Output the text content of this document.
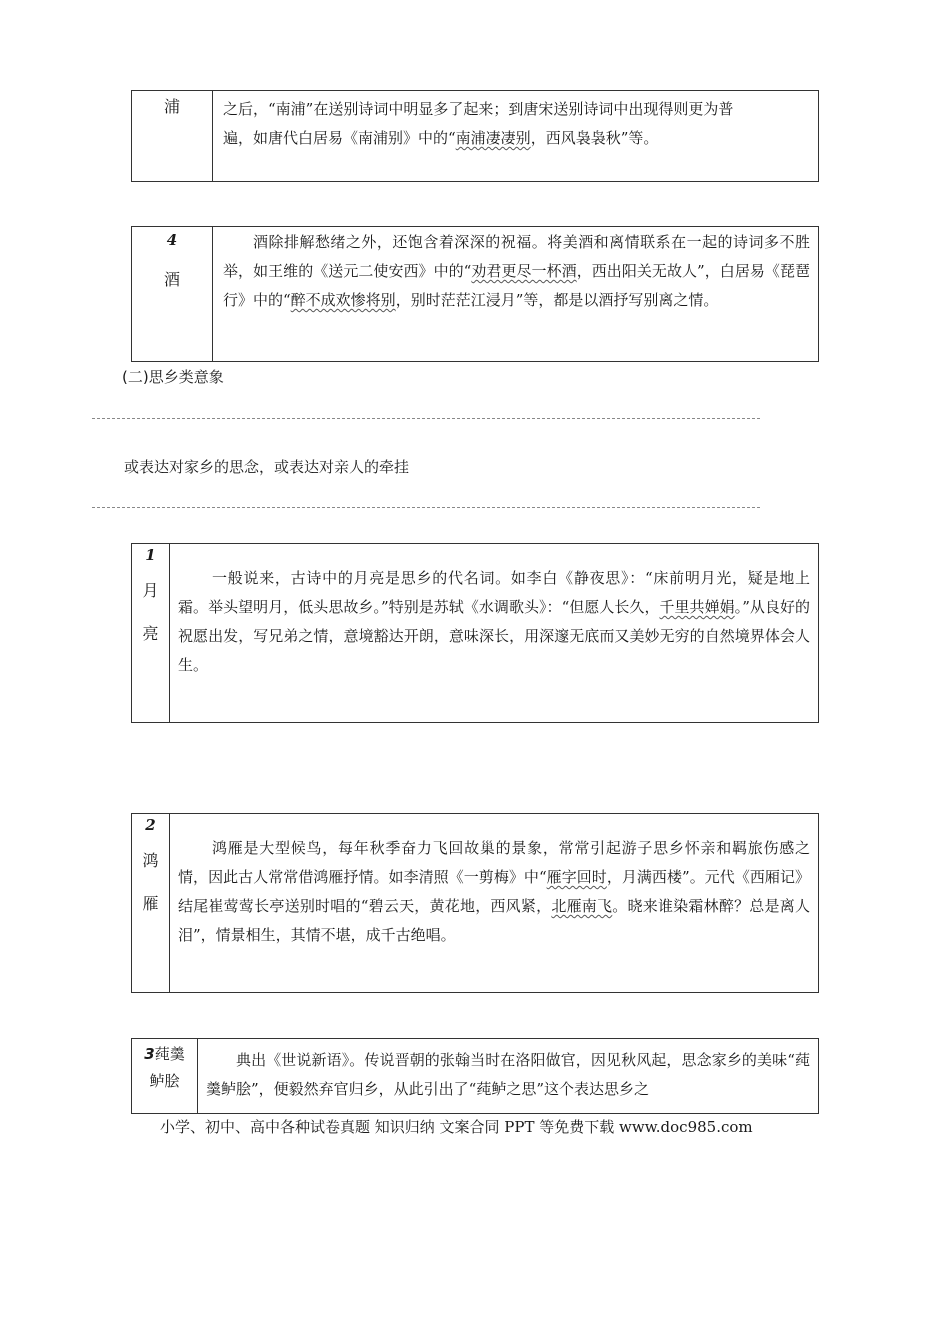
浦	之后，“南浦”在送别诗词中明显多了起来；到唐宋送别诗词中出现得则更为普
遍，如唐代白居易《南浦别》中的“南浦凄凄别，西风袅袅秋”等。
4
酒
酒除排解愁绪之外，还饱含着深深的祝福。将美酒和离情联系在一起的诗词多不胜举，如王维的《送元二使安西》中的“劝君更尽一杯酒，西出阳关无故人”，白居易《琵琶行》中的“醉不成欢惨将别，别时茫茫江浸月”等，都是以酒抒写别离之情。
(二)思乡类意象
或表达对家乡的思念，或表达对亲人的牵挂
1
月
亮
一般说来，古诗中的月亮是思乡的代名词。如李白《静夜思》：“床前明月光，疑是地上霜。举头望明月，低头思故乡。”特别是苏轼《水调歌头》：“但愿人长久，千里共婵娟。”从良好的祝愿出发，写兄弟之情，意境豁达开朗，意味深长，用深邃无底而又美妙无穷的自然境界体会人生。
2
鸿
雁
鸿雁是大型候鸟，每年秋季奋力飞回故巢的景象，常常引起游子思乡怀亲和羁旅伤感之情，因此古人常常借鸿雁抒情。如李清照《一剪梅》中“雁字回时，月满西楼”。元代《西厢记》结尾崔莺莺长亭送别时唱的“碧云天，黄花地，西风紧，北雁南飞。晓来谁染霜林醉？总是离人泪”，情景相生，其情不堪，成千古绝唱。
3莼羹
鲈脍
典出《世说新语》。传说晋朝的张翰当时在洛阳做官，因见秋风起，思念家乡的美味“莼羹鲈脍”，便毅然弃官归乡，从此引出了“莼鲈之思”这个表达思乡之
小学、初中、高中各种试卷真题 知识归纳 文案合同 PPT 等免费下载 www.doc985.com
